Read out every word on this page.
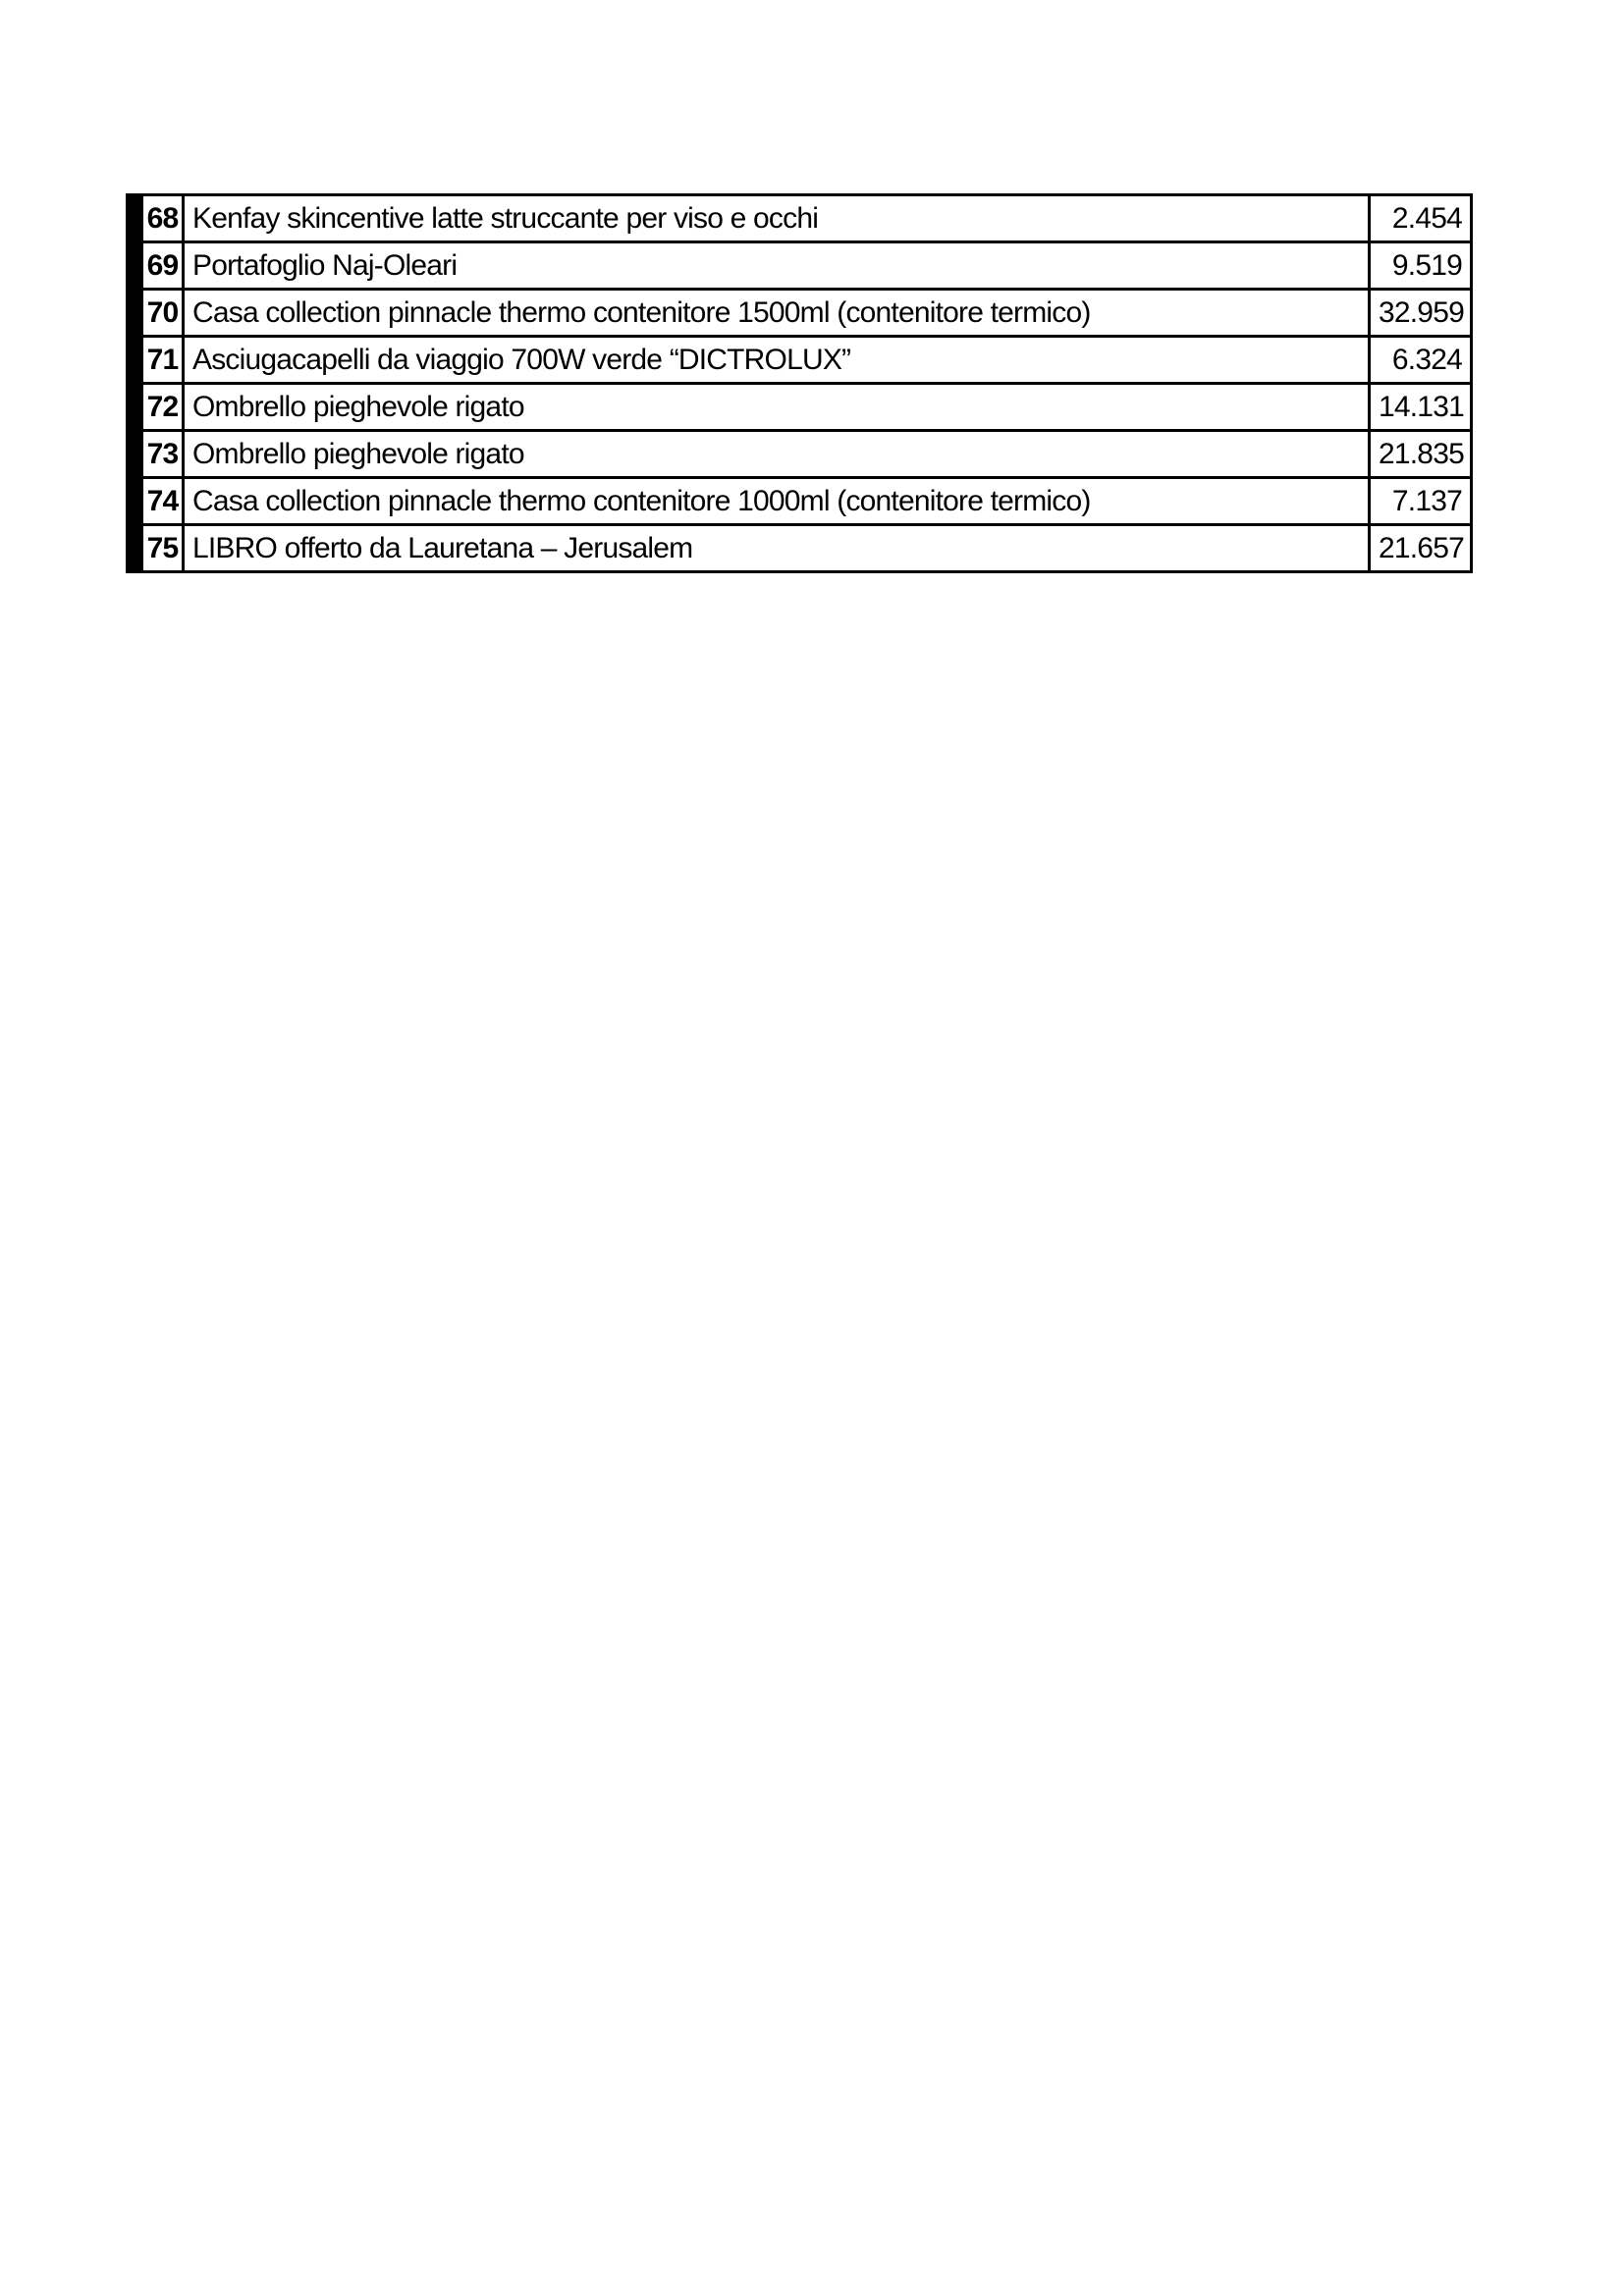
	68	Kenfay skincentive latte struccante per viso e occhi	2.454
	69	Portafoglio Naj-Oleari	9.519
	70	Casa collection pinnacle thermo contenitore 1500ml (contenitore termico)	32.959
	71	Asciugacapelli da viaggio 700W verde “DICTROLUX”	6.324
	72	Ombrello pieghevole rigato	14.131
	73	Ombrello pieghevole rigato	21.835
	74	Casa collection pinnacle thermo contenitore 1000ml (contenitore termico)	7.137
	75	LIBRO offerto da Lauretana – Jerusalem	21.657
